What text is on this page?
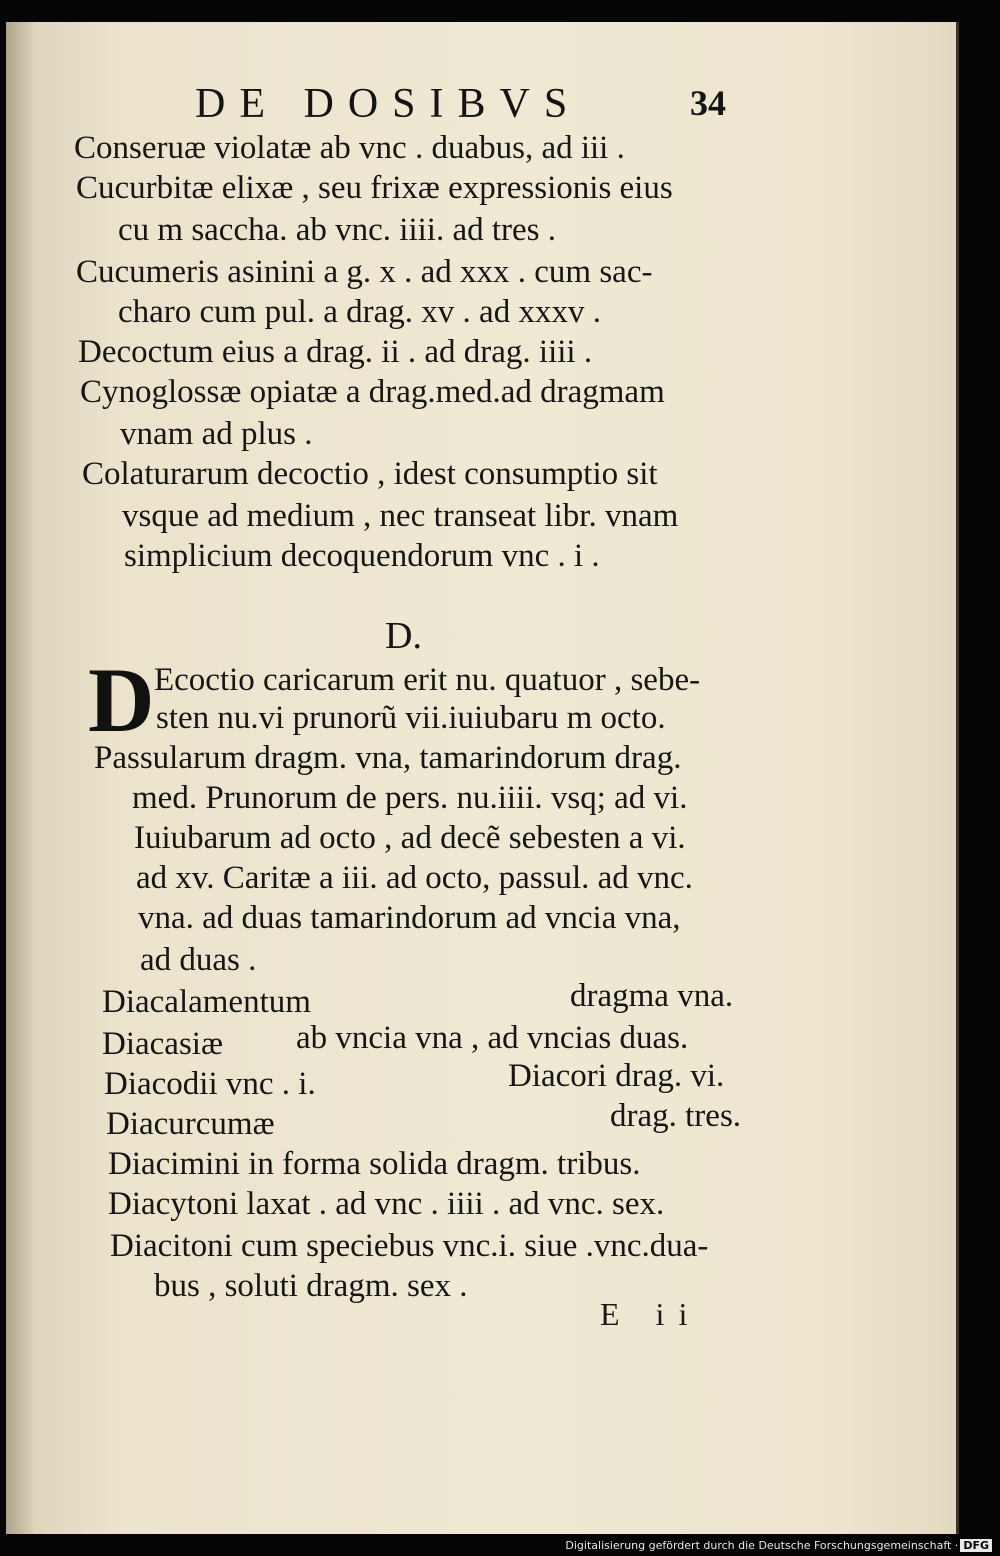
DE DOSIBVS	34
Conseruæ violatæ ab vnc . duabus, ad iii .
Cucurbitæ elixæ , seu frixæ expressionis eius
cu m saccha. ab vnc. iiii. ad tres .
Cucumeris asinini a g. x . ad xxx . cum sac-
charo cum pul. a drag. xv . ad xxxv .
Decoctum eius a drag. ii . ad drag. iiii .
Cynoglossæ opiatæ a drag.med.ad dragmam
vnam ad plus .
Colaturarum decoctio , idest consumptio sit
vsque ad medium , nec transeat libr. vnam
simplicium decoquendorum vnc . i .
D.
D Ecoctio caricarum erit nu. quatuor , sebe-
sten nu.vi prunorũ vii.iuiubaru m octo.
Passularum dragm. vna, tamarindorum drag.
med. Prunorum de pers. nu.iiii. vsq; ad vi.
Iuiubarum ad octo , ad decẽ sebesten a vi.
ad xv. Caritæ a iii. ad octo, passul. ad vnc.
vna. ad duas tamarindorum ad vncia vna,
ad duas .
Diacalamentum	dragma vna.
Diacasiæ ab vncia vna , ad vncias duas.
Diacodii vnc . i.	Diacori drag. vi.
Diacurcumæ	drag. tres.
Diacimini in forma solida dragm. tribus.
Diacytoni laxat . ad vnc . iiii . ad vnc. sex.
Diacitoni cum speciebus vnc.i. siue .vnc.dua-
bus , soluti dragm. sex .
E ii
Digitalisierung gefördert durch die Deutsche Forschungsgemeinschaft · DFG
